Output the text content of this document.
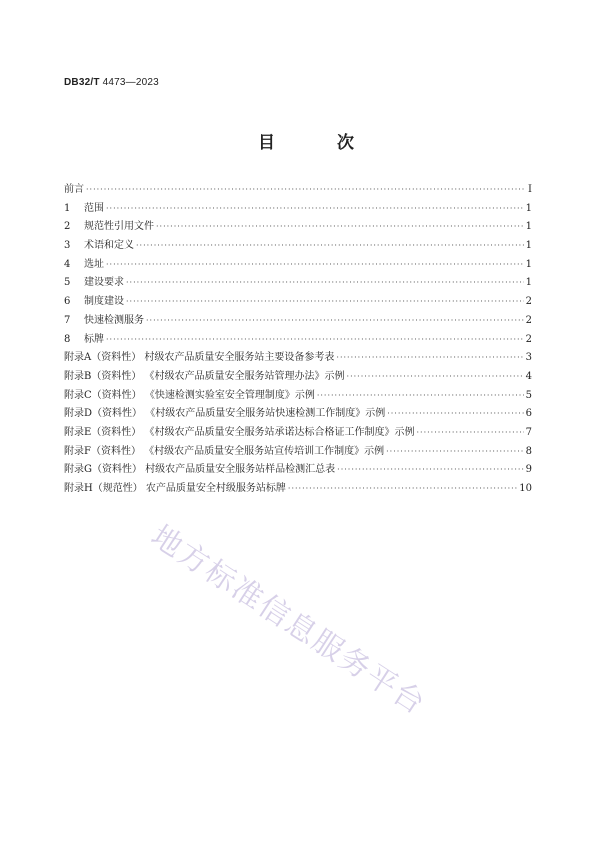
DB32/T 4473—2023
目 次
前言 ·····	I
1 范围 ·····	1
2 规范性引用文件 ·····	1
3 术语和定义 ·····	1
4 选址 ·····	1
5 建设要求 ·····	1
6 制度建设 ·····	2
7 快速检测服务 ·····	2
8 标牌 ·····	2
附录A（资料性） 村级农产品质量安全服务站主要设备参考表 ·····	3
附录B（资料性） 《村级农产品质量安全服务站管理办法》示例 ·····	4
附录C（资料性） 《快速检测实验室安全管理制度》示例 ·····	5
附录D（资料性） 《村级农产品质量安全服务站快速检测工作制度》示例 ·····	6
附录E（资料性） 《村级农产品质量安全服务站承诺达标合格证工作制度》示例 ·····	7
附录F（资料性） 《村级农产品质量安全服务站宣传培训工作制度》示例 ·····	8
附录G（资料性） 村级农产品质量安全服务站样品检测汇总表 ·····	9
附录H（规范性） 农产品质量安全村级服务站标牌 ·····	10
地方标准信息服务平台
